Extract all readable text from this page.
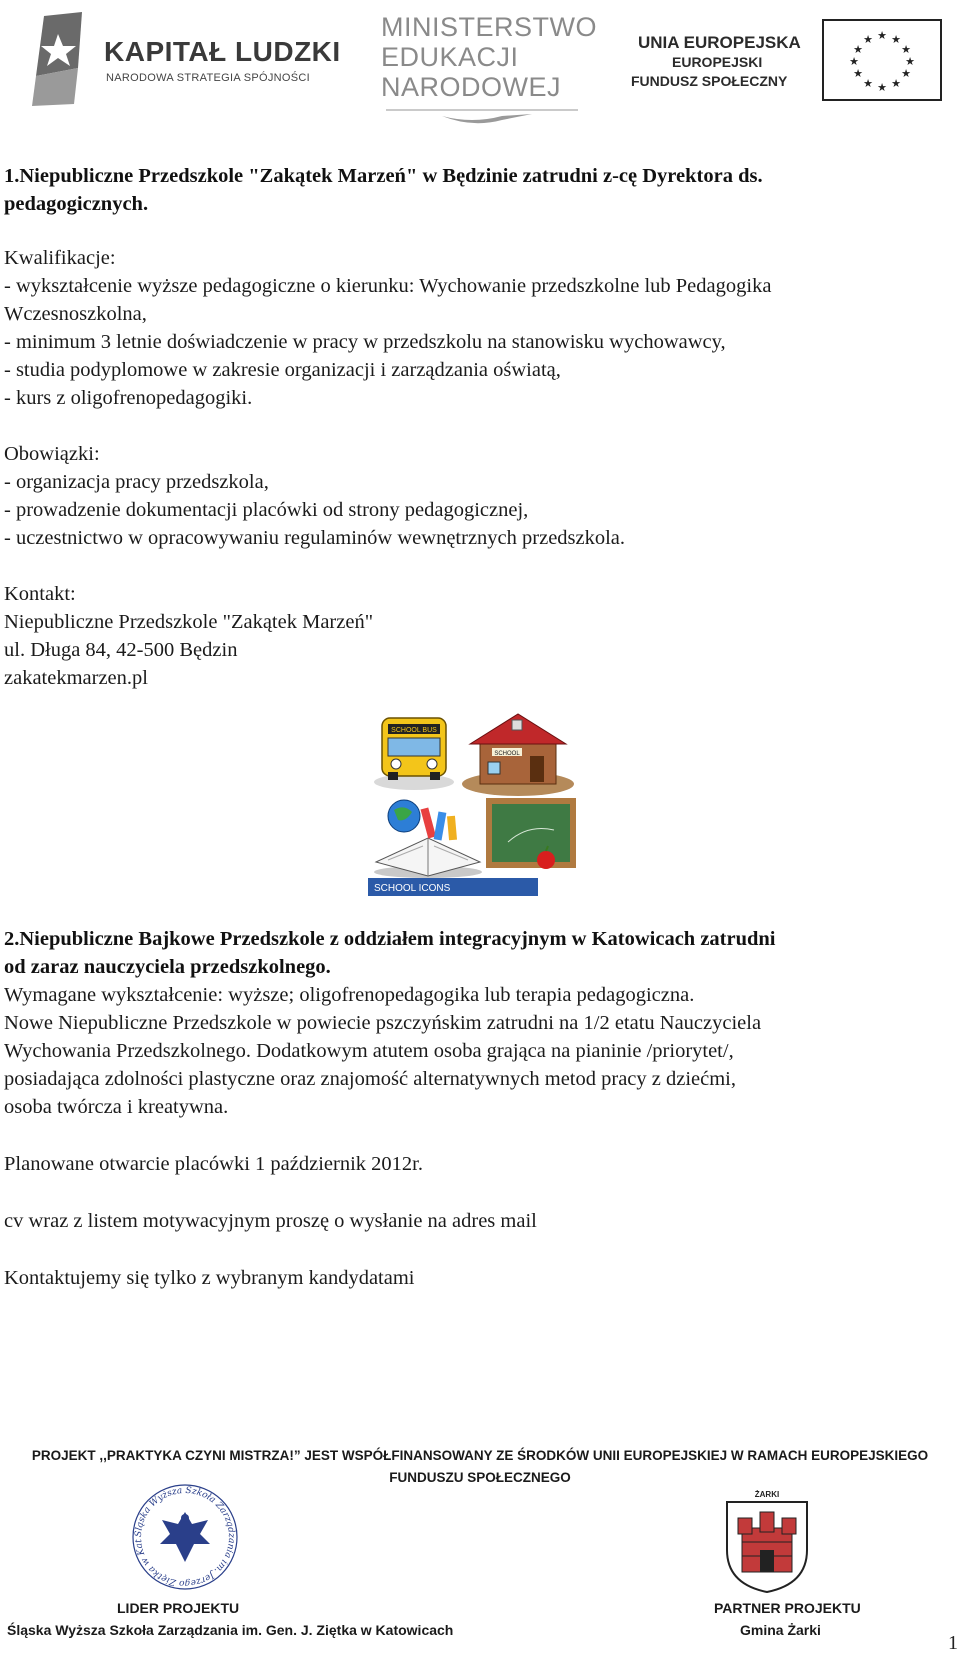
KAPITAŁ LUDZKI
NARODOWA STRATEGIA SPÓJNOŚCI
MINISTERSTWO
EDUKACJI
NARODOWEJ
UNIA EUROPEJSKA
EUROPEJSKI
FUNDUSZ SPOŁECZNY
★ ★
★
★
★
★
★
★
★
★
★
★
1.Niepubliczne Przedszkole "Zakątek Marzeń" w Będzinie zatrudni z-cę Dyrektora ds.
pedagogicznych.
Kwalifikacje:
- wykształcenie wyższe pedagogiczne o kierunku: Wychowanie przedszkolne lub Pedagogika
Wczesnoszkolna,
- minimum 3 letnie doświadczenie w pracy w przedszkolu na stanowisku wychowawcy,
- studia podyplomowe w zakresie organizacji i zarządzania oświatą,
- kurs z oligofrenopedagogiki.
Obowiązki:
- organizacja pracy przedszkola,
- prowadzenie dokumentacji placówki od strony pedagogicznej,
- uczestnictwo w opracowywaniu regulaminów wewnętrznych przedszkola.
Kontakt:
Niepubliczne Przedszkole "Zakątek Marzeń"
ul. Długa 84, 42-500 Będzin
zakatekmarzen.pl
SCHOOL BUS
SCHOOL
SCHOOL ICONS
2.Niepubliczne Bajkowe Przedszkole z oddziałem integracyjnym w Katowicach zatrudni
od zaraz nauczyciela przedszkolnego.
Wymagane wykształcenie: wyższe; oligofrenopedagogika lub terapia pedagogiczna.
Nowe Niepubliczne Przedszkole w powiecie pszczyńskim zatrudni na 1/2 etatu Nauczyciela
Wychowania Przedszkolnego. Dodatkowym atutem osoba grająca na pianinie /priorytet/,
posiadająca zdolności plastyczne oraz znajomość alternatywnych metod pracy z dziećmi,
osoba twórcza i kreatywna.
Planowane otwarcie placówki 1 październik 2012r.
cv wraz z listem motywacyjnym proszę o wysłanie na adres mail
Kontaktujemy się tylko z wybranym kandydatami
PROJEKT ,,PRAKTYKA CZYNI MISTRZA!” JEST WSPÓŁFINANSOWANY ZE ŚRODKÓW UNII EUROPEJSKIEJ W RAMACH EUROPEJSKIEGO
FUNDUSZU SPOŁECZNEGO
Śląska Wyższa Szkoła Zarządzania im. Jerzego Ziętka w Kat
ŻARKI
LIDER PROJEKTU
Śląska Wyższa Szkoła Zarządzania im. Gen. J. Ziętka w Katowicach
PARTNER PROJEKTU
Gmina Żarki
1
